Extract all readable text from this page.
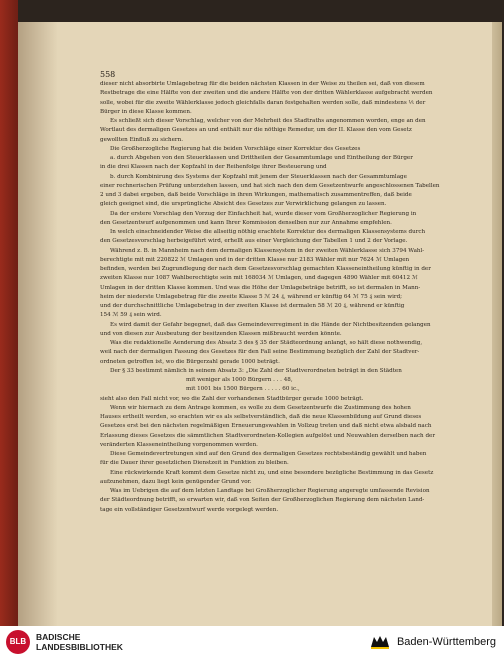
558

dieser nicht absorbirte Umlagebetrag für die beiden nächsten Klassen in der Weise zu theilen sei, daß von diesem

Restbetrage die eine Hälfte von der zweiten und die andere Hälfte von der dritten Wählerklasse aufgebracht werden

solle, wobei für die zweite Wählerklasse jedoch gleichfalls daran festgehalten werden solle, daß mindestens ⅕ der

Bürger in diese Klasse kommen.

Es schließt sich dieser Vorschlag, welcher von der Mehrheit des Stadtraths angenommen worden, enge an den

Wortlaut des dermaligen Gesetzes an und enthält nur die nöthige Remedur, um der II. Klasse den vom Gesetz

gewollten Einfluß zu sichern.

Die Großherzogliche Regierung hat die beiden Vorschläge einer Korrektur des Gesetzes

a. durch Abgehen von den Steuerklassen und Drittheilen der Gesammtumlage und Eintheilung der Bürger

in die drei Klassen nach der Kopfzahl in der Reihenfolge ihrer Besteuerung und

b. durch Kombinirung des Systems der Kopfzahl mit jenem der Steuerklassen nach der Gesammtumlage

einer rechnerischen Prüfung unterziehen lassen, und hat sich nach den dem Gesetzentwurfe angeschlossenen Tabellen

2 und 3 dabei ergeben, daß beide Vorschläge in ihren Wirkungen, mathematisch zusammentreffen, daß beide

gleich geeignet sind, die ursprüngliche Absicht des Gesetzes zur Verwirklichung gelangen zu lassen.

Da der erstere Vorschlag den Vorzug der Einfachheit hat, wurde dieser vom Großherzoglicher Regierung in

den Gesetzentwurf aufgenommen und kann Ihrer Kommission denselben nur zur Annahme empfehlen.

In welch einschneidender Weise die allseitig nöthig erachtete Korrektur des dermaligen Klassensystems durch

den Gesetzesvorschlag herbeigeführt wird, erhellt aus einer Vergleichung der Tabellen 1 und 2 der Vorlage.

Während z. B. in Mannheim nach dem dermaligen Klassensystem in der zweiten Wählerklasse sich 3794 Wahl-

berechtigte mit mit 220822 ℳ Umlagen und in der dritten Klasse nur 2183 Wähler mit nur 7624 ℳ Umlagen

befinden, werden bei Zugrundlegung der nach dem Gesetzesvorschlag gemachten Klasseneintheilung künftig in der

zweiten Klasse nur 1087 Wahlberechtigte sein mit 168034 ℳ Umlagen, und dagegen 4890 Wähler mit 60412 ℳ

Umlagen in der dritten Klasse kommen. Und was die Höhe der Umlagebeträge betrifft, so ist dermalen in Mann-

heim der niederste Umlagebetrag für die zweite Klasse 5 ℳ 24 ₰, während er künftig 64 ℳ 75 ₰ sein wird;

und der durchschnittliche Umlagebetrag in der zweiten Klasse ist dermalen 58 ℳ 20 ₰, während er künftig

154 ℳ 59 ₰ sein wird.

Es wird damit der Gefahr begegnet, daß das Gemeindeverregiment in die Hände der Nichtbesitzenden gelangen

und von diesen zur Ausbeutung der besitzenden Klassen mißbraucht werden könnte.

Was die redaktionelle Aenderung des Absatz 3 des § 35 der Städteordnung anlangt, so hält diese nothwendig,

weil nach der dermaligen Fassung des Gesetzes für den Fall seine Bestimmung bezüglich der Zahl der Stadtver-

ordneten getroffen ist, wo die Bürgerzahl gerade 1000 beträgt.

Der § 33 bestimmt nämlich in seinem Absatz 3: „Die Zahl der Stadtverordneten beträgt in den Städten

mit weniger als 1000 Bürgern . . . 48,

mit 1001 bis 1500 Bürgern . . . . . 60 ic.,

sieht also den Fall nicht vor, wo die Zahl der vorhandenen Stadtbürger gerade 1000 beträgt.

Wenn wir hiernach zu dem Antrage kommen, es wolle zu dem Gesetzentwurfe die Zustimmung des hohen

Hauses ertheilt werden, so erachten wir es als selbstverständlich, daß die neue Klassenbildung auf Grund dieses

Gesetzes erst bei den nächsten regelmäßigen Erneuerungswahlen in Vollzug treten und daß nicht etwa alsbald nach

Erlassung dieses Gesetzes die sämmtlichen Stadtverordneten-Kollegien aufgelöst und Neuwahlen derselben nach der

veränderten Klasseneintheilung vorgenommen werden.

Diese Gemeindevertretungen sind auf den Grund des dermaligen Gesetzes rechtsbeständig gewählt und haben

für die Dauer ihrer gesetzlichen Dienstzeit in Funktion zu bleiben.

Eine rückwirkende Kraft kommt dem Gesetze nicht zu, und eine besondere bezügliche Bestimmung in das Gesetz

aufzunehmen, dazu liegt kein genügender Grund vor.

Was im Uebrigen die auf dem letzten Landtage bei Großherzoglicher Regierung angeregte umfassende Revision

der Städteordnung betrifft, so erwarten wir, daß von Seiten der Großherzoglichen Regierung dem nächsten Land-

tage ein vollständiger Gesetzentwurf werde vorgelegt werden.

BLB	BADISCHE
LANDESBIBLIOTHEK	Baden-Württemberg
